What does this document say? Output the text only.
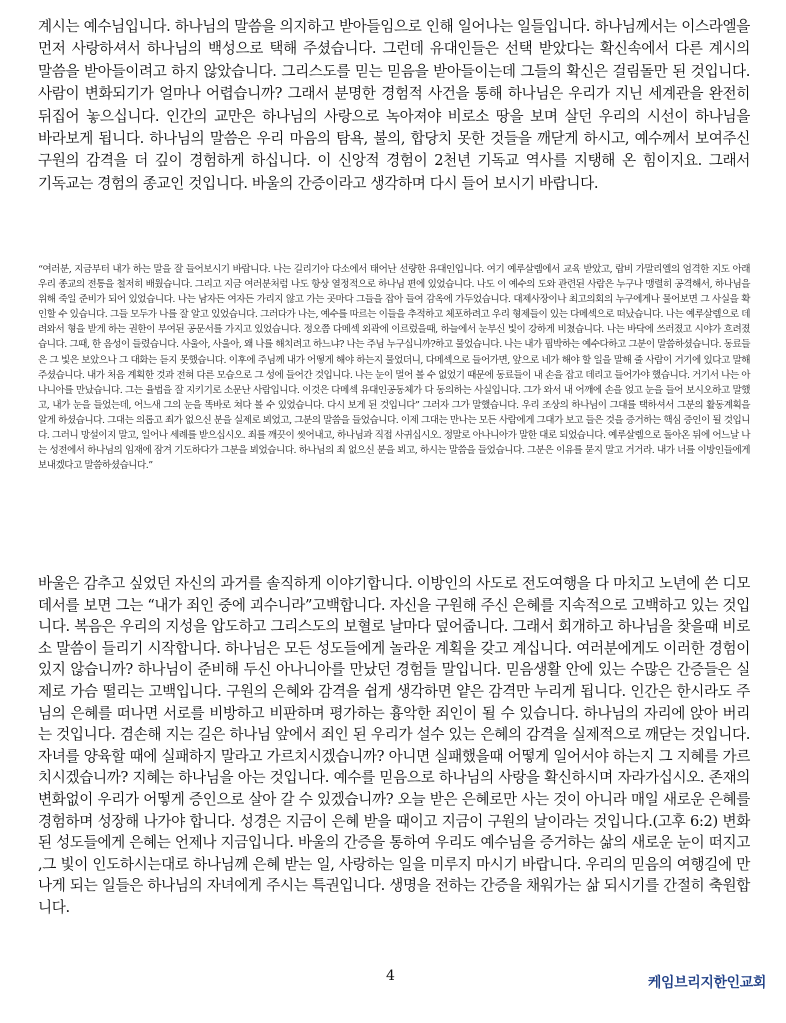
계시는 예수님입니다. 하나님의 말씀을 의지하고 받아들임으로 인해 일어나는 일들입니다. 하나님께서는 이스라엘을 먼저 사랑하셔서 하나님의 백성으로 택해 주셨습니다. 그런데 유대인들은 선택 받았다는 확신속에서 다른 계시의 말씀을 받아들이려고 하지 않았습니다. 그리스도를 믿는 믿음을 받아들이는데 그들의 확신은 걸림돌만 된 것입니다. 사람이 변화되기가 얼마나 어렵습니까? 그래서 분명한 경험적 사건을 통해 하나님은 우리가 지닌 세계관을 완전히 뒤집어 놓으십니다. 인간의 교만은 하나님의 사랑으로 녹아져야 비로소 땅을 보며 살던 우리의 시선이 하나님을 바라보게 됩니다. 하나님의 말씀은 우리 마음의 탐욕, 불의, 합당치 못한 것들을 깨닫게 하시고, 예수께서 보여주신 구원의 감격을 더 깊이 경험하게 하십니다. 이 신앙적 경험이 2천년 기독교 역사를 지탱해 온 힘이지요. 그래서 기독교는 경험의 종교인 것입니다. 바울의 간증이라고 생각하며 다시 들어 보시기 바랍니다.

“여러분, 지금부터 내가 하는 말을 잘 들어보시기 바랍니다. 나는 길리기아 다소에서 태어난 선량한 유대인입니다. 여기 예루살렘에서 교육 받았고, 랍비 가말리엘의 엄격한 지도 아래 우리 종교의 전통을 철저히 배웠습니다. 그리고 지금 여러분처럼 나도 항상 열정적으로 하나님 편에 있었습니다. 나도 이 예수의 도와 관련된 사람은 누구나 맹렬히 공격해서, 하나님을 위해 죽일 준비가 되어 있었습니다. 나는 남자든 여자든 가리지 않고 가는 곳마다 그들을 잡아 들여 감옥에 가두었습니다. 대제사장이나 최고의회의 누구에게나 물어보면 그 사실을 확인할 수 있습니다. 그들 모두가 나를 잘 알고 있었습니다. 그러다가 나는, 예수를 따르는 이들을 추적하고 체포하려고 우리 형제들이 있는 다메섹으로 떠났습니다. 나는 예루살렘으로 데려와서 형을 받게 하는 권한이 부여된 공문서를 가지고 있었습니다. 정오쯤 다메섹 외곽에 이르렀을때, 하늘에서 눈부신 빛이 강하게 비쳤습니다. 나는 바닥에 쓰러졌고 시야가 흐려졌습니다. 그때, 한 음성이 들렸습니다. 사울아, 사울아, 왜 나를 해치려고 하느냐? 나는 주님 누구십니까?하고 물었습니다. 나는 내가 핍박하는 예수다하고 그분이 말씀하셨습니다. 동료들은 그 빛은 보았으나 그 대화는 듣지 못했습니다. 이후에 주님께 내가 어떻게 해야 하는지 물었더니, 다메섹으로 들어가면, 앞으로 네가 해야 할 일을 말해 줄 사람이 거기에 있다고 말해 주셨습니다. 내가 처음 계획한 것과 전혀 다른 모습으로 그 성에 들어간 것입니다. 나는 눈이 멀어 볼 수 없었기 때문에 동료들이 내 손을 잡고 데리고 들어가야 했습니다. 거기서 나는 아나니아를 만났습니다. 그는 율법을 잘 지키기로 소문난 사람입니다. 이것은 다메섹 유대인공동체가 다 동의하는 사실입니다. 그가 와서 내 어깨에 손을 얹고 눈을 들어 보시오하고 말했고, 내가 눈을 들었는데, 어느새 그의 눈을 똑바로 쳐다 볼 수 있었습니다. 다시 보게 된 것입니다” 그러자 그가 말했습니다. 우리 조상의 하나님이 그대를 택하셔서 그분의 활동계획을 알게 하셨습니다. 그대는 의롭고 죄가 없으신 분을 실제로 뵈었고, 그분의 말씀을 들었습니다. 이제 그대는 만나는 모든 사람에게 그대가 보고 들은 것을 증거하는 핵심 증인이 될 것입니다. 그러니 망설이지 말고, 일어나 세례를 받으십시오. 죄를 깨끗이 씻어내고, 하나님과 직접 사귀십시오. 정말로 아나니아가 말한 대로 되었습니다. 예루살렘으로 돌아온 뒤에 어느날 나는 성전에서 하나님의 임재에 잠겨 기도하다가 그분을 뵈었습니다. 하나님의 죄 없으신 분을 뵈고, 하시는 말씀을 들었습니다. 그분은 이유를 묻지 말고 거거라. 내가 너를 이방인들에게 보내겠다고 말씀하셨습니다.”

바울은 감추고 싶었던 자신의 과거를 솔직하게 이야기합니다. 이방인의 사도로 전도여행을 다 마치고 노년에 쓴 디모데서를 보면 그는 “내가 죄인 중에 괴수니라”고백합니다. 자신을 구원해 주신 은혜를 지속적으로 고백하고 있는 것입니다. 복음은 우리의 지성을 압도하고 그리스도의 보혈로 날마다 덮어줍니다. 그래서 회개하고 하나님을 찾을때 비로소 말씀이 들리기 시작합니다. 하나님은 모든 성도들에게 놀라운 계획을 갖고 계십니다. 여러분에게도 이러한 경험이 있지 않습니까? 하나님이 준비해 두신 아나니아를 만났던 경험들 말입니다. 믿음생활 안에 있는 수많은 간증들은 실제로 가슴 떨리는 고백입니다. 구원의 은혜와 감격을 쉽게 생각하면 얕은 감격만 누리게 됩니다. 인간은 한시라도 주님의 은혜를 떠나면 서로를 비방하고 비판하며 평가하는 흉악한 죄인이 될 수 있습니다. 하나님의 자리에 앉아 버리는 것입니다. 겸손해 지는 길은 하나님 앞에서 죄인 된 우리가 설수 있는 은혜의 감격을 실제적으로 깨닫는 것입니다. 자녀를 양육할 때에 실패하지 말라고 가르치시겠습니까? 아니면 실패했을때 어떻게 일어서야 하는지 그 지혜를 가르치시겠습니까? 지혜는 하나님을 아는 것입니다. 예수를 믿음으로 하나님의 사랑을 확신하시며 자라가십시오. 존재의 변화없이 우리가 어떻게 증인으로 살아 갈 수 있겠습니까? 오늘 받은 은혜로만 사는 것이 아니라 매일 새로운 은혜를 경험하며 성장해 나가야 합니다. 성경은 지금이 은혜 받을 때이고 지금이 구원의 날이라는 것입니다.(고후 6:2) 변화된 성도들에게 은혜는 언제나 지금입니다. 바울의 간증을 통하여 우리도 예수님을 증거하는 삶의 새로운 눈이 떠지고 ,그 빛이 인도하시는대로 하나님께 은혜 받는 일, 사랑하는 일을 미루지 마시기 바랍니다. 우리의 믿음의 여행길에 만나게 되는 일들은 하나님의 자녀에게 주시는 특권입니다. 생명을 전하는 간증을 채워가는 삶 되시기를 간절히 축원합니다.

4	케임브리지한인교회
